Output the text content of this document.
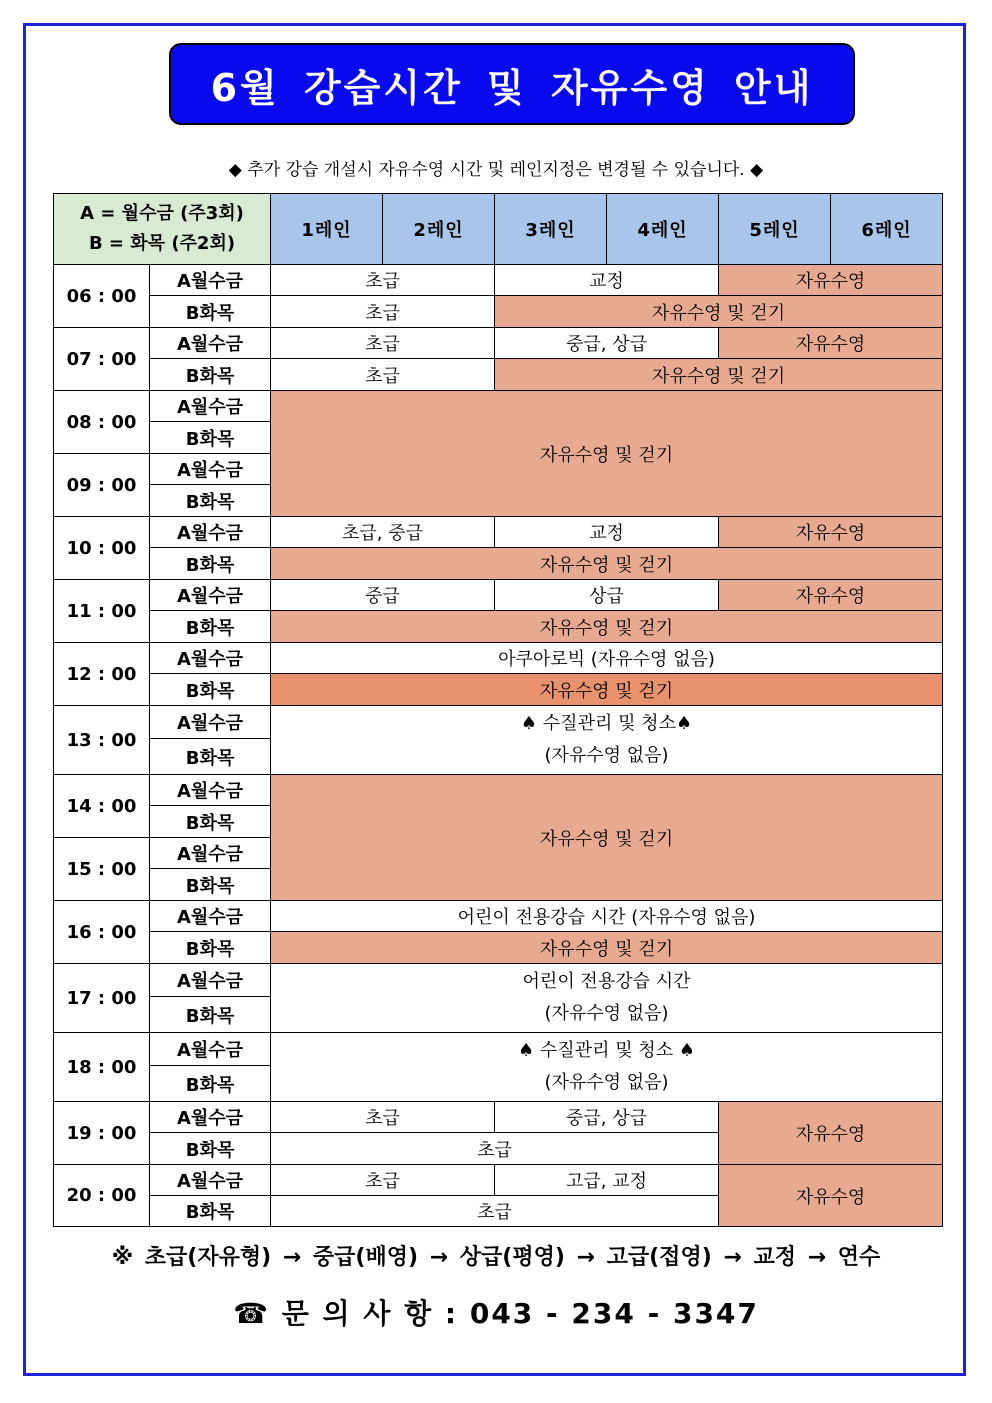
6월 강습시간 및 자유수영 안내
◆ 추가 강습 개설시 자유수영 시간 및 레인지정은 변경될 수 있습니다. ◆
A = 월수금 (주3회)
B = 화목 (주2회)		1레인	2레인	3레인	4레인	5레인	6레인
06 : 00	A월수금	초급		교정		자유수영	
	B화목	초급		자유수영 및 걷기			
07 : 00	A월수금	초급		중급, 상급		자유수영	
	B화목	초급		자유수영 및 걷기			
08 : 00	A월수금	자유수영 및 걷기					
	B화목						
09 : 00	A월수금						
	B화목						
10 : 00	A월수금	초급, 중급		교정		자유수영	
	B화목	자유수영 및 걷기					
11 : 00	A월수금	중급		상급		자유수영	
	B화목	자유수영 및 걷기					
12 : 00	A월수금	아쿠아로빅 (자유수영 없음)					
	B화목	자유수영 및 걷기					
13 : 00	A월수금	♠ 수질관리 및 청소♠
(자유수영 없음)					

	B화목						
14 : 00	A월수금	자유수영 및 걷기					
	B화목						
15 : 00	A월수금						
	B화목						
16 : 00	A월수금	어린이 전용강습 시간 (자유수영 없음)					
	B화목	자유수영 및 걷기					
17 : 00	A월수금	어린이 전용강습 시간
(자유수영 없음)					

	B화목						
18 : 00	A월수금	♠ 수질관리 및 청소 ♠
(자유수영 없음)					

	B화목						
19 : 00	A월수금	초급		중급, 상급		자유수영	
	B화목	초급					
20 : 00	A월수금	초급		고급, 교정		자유수영	
	B화목	초급					
※ 초급(자유형) → 중급(배영) → 상급(평영) → 고급(접영) → 교정 → 연수
☎ 문 의 사 항 : 043 - 234 - 3347
